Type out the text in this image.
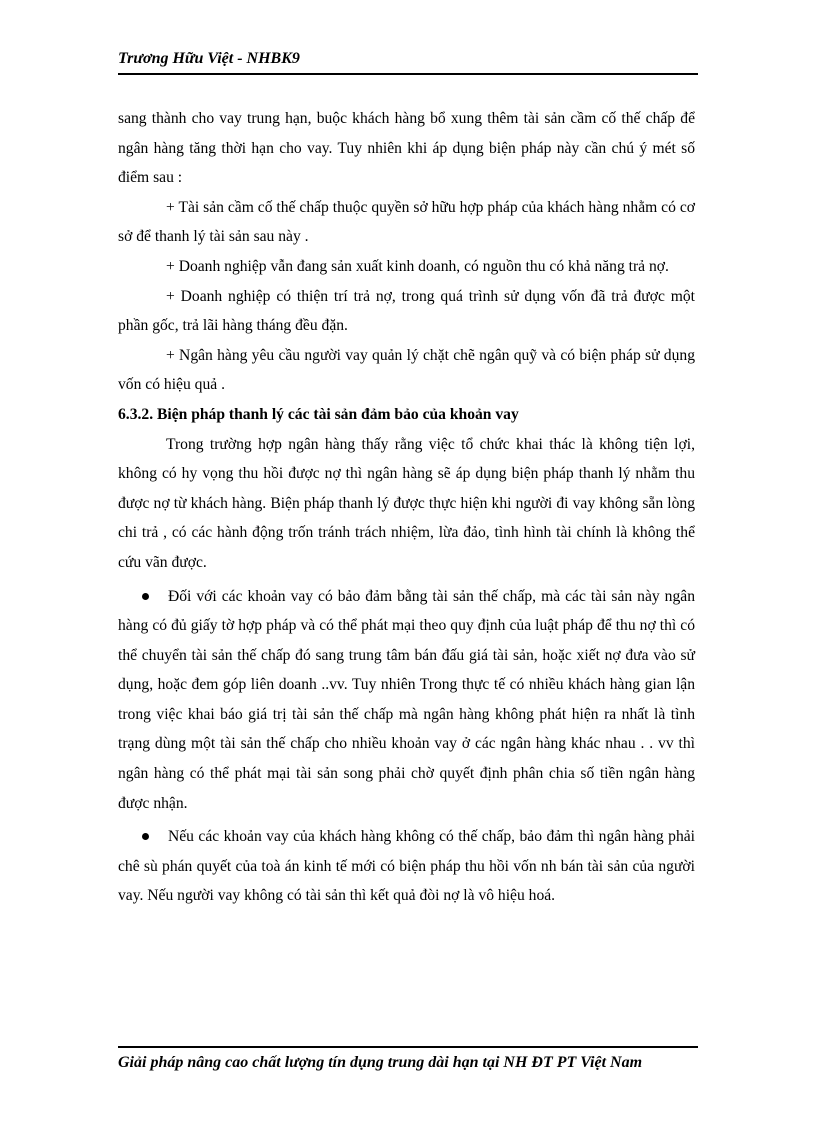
Trương Hữu Việt - NHBK9

sang thành cho vay trung hạn, buộc khách hàng bổ xung thêm tài sản cầm cố thế chấp để ngân hàng tăng thời hạn cho vay. Tuy nhiên khi áp dụng biện pháp này cần chú ý mét số điểm sau :

+ Tài sản cầm cố thế chấp thuộc quyền sở hữu hợp pháp của khách hàng nhằm có cơ sở để thanh lý tài sản sau này .

+ Doanh nghiệp vẫn đang sản xuất kinh doanh, có nguồn thu có khả năng trả nợ.

+ Doanh nghiệp có thiện trí trả nợ, trong quá trình sử dụng vốn đã trả được một phần gốc, trả lãi hàng tháng đều đặn.

+ Ngân hàng yêu cầu người vay quản lý chặt chẽ ngân quỹ và có biện pháp sử dụng vốn có hiệu quả .

6.3.2. Biện pháp thanh lý các tài sản đảm bảo của khoản vay

Trong trường hợp ngân hàng thấy rằng việc tổ chức khai thác là không tiện lợi, không có hy vọng thu hồi được nợ thì ngân hàng sẽ áp dụng biện pháp thanh lý nhằm thu được nợ từ khách hàng. Biện pháp thanh lý được thực hiện khi người đi vay không sẵn lòng chi trả , có các hành động trốn tránh trách nhiệm, lừa đảo, tình hình tài chính là không thể cứu vãn được.

Đối với các khoản vay có bảo đảm bằng tài sản thế chấp, mà các tài sản này ngân hàng có đủ giấy tờ hợp pháp và có thể phát mại theo quy định của luật pháp để thu nợ thì có thể chuyển tài sản thế chấp đó sang trung tâm bán đấu giá tài sản, hoặc xiết nợ đưa vào sử dụng, hoặc đem góp liên doanh ..vv. Tuy nhiên Trong thực tế có nhiều khách hàng gian lận trong việc khai báo giá trị tài sản thế chấp mà ngân hàng không phát hiện ra nhất là tình trạng dùng một tài sản thế chấp cho nhiều khoản vay ở các ngân hàng khác nhau . . vv thì ngân hàng có thể phát mại tài sản song phải chờ quyết định phân chia số tiền ngân hàng được nhận.
Nếu các khoản vay của khách hàng không có thế chấp, bảo đảm thì ngân hàng phải chê sù phán quyết của toà án kinh tế mới có biện pháp thu hồi vốn nh bán tài sản của người vay. Nếu người vay không có tài sản thì kết quả đòi nợ là vô hiệu hoá.
Giải pháp nâng cao chất lượng tín dụng trung dài hạn tại NH ĐT PT Việt Nam
